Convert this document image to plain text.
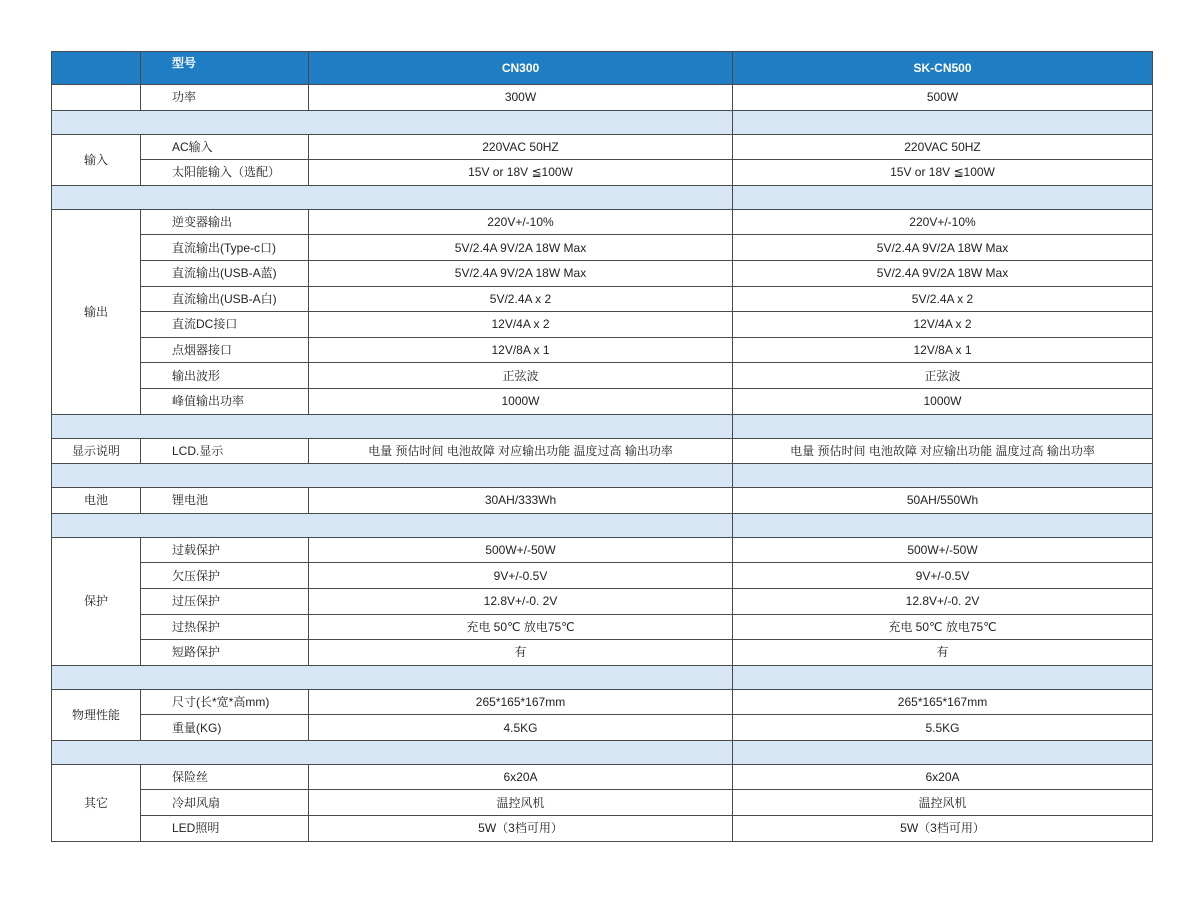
	型号	CN300	SK-CN500
	功率	300W	500W

输入	AC输入	220VAC 50HZ	220VAC 50HZ
	太阳能输入（选配）	15V or 18V ≦100W	15V or 18V ≦100W

输出	逆变器输出	220V+/-10%	220V+/-10%
	直流输出(Type-c口)	5V/2.4A 9V/2A 18W Max	5V/2.4A 9V/2A 18W Max
	直流输出(USB-A蓝)	5V/2.4A 9V/2A 18W Max	5V/2.4A 9V/2A 18W Max
	直流输出(USB-A白)	5V/2.4A x 2	5V/2.4A x 2
	直流DC接口	12V/4A x 2	12V/4A x 2
	点烟器接口	12V/8A x 1	12V/8A x 1
	输出波形	正弦波	正弦波
	峰值输出功率	1000W	1000W

显示说明	LCD.显示	电量 预估时间 电池故障 对应输出功能 温度过高 输出功率	电量 预估时间 电池故障 对应输出功能 温度过高 输出功率

电池	锂电池	30AH/333Wh	50AH/550Wh

保护	过载保护	500W+/-50W	500W+/-50W
	欠压保护	9V+/-0.5V	9V+/-0.5V
	过压保护	12.8V+/-0. 2V	12.8V+/-0. 2V
	过热保护	充电 50℃ 放电75℃	充电 50℃ 放电75℃
	短路保护	有	有

物理性能	尺寸(长*宽*高mm)	265*165*167mm	265*165*167mm
	重量(KG)	4.5KG	5.5KG

其它	保险丝	6x20A	6x20A
	冷却风扇	温控风机	温控风机
	LED照明	5W（3档可用）	5W（3档可用）
